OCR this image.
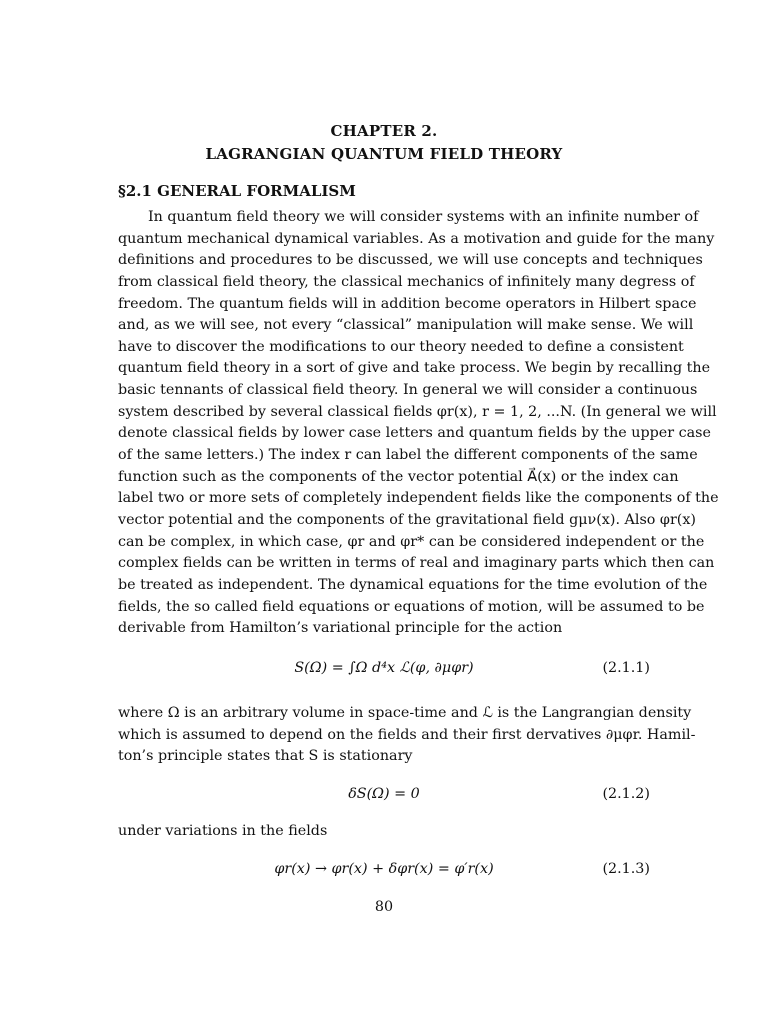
CHAPTER 2.
LAGRANGIAN QUANTUM FIELD THEORY
§2.1 GENERAL FORMALISM
In quantum field theory we will consider systems with an infinite number of
quantum mechanical dynamical variables. As a motivation and guide for the many
definitions and procedures to be discussed, we will use concepts and techniques
from classical field theory, the classical mechanics of infinitely many degress of
freedom. The quantum fields will in addition become operators in Hilbert space
and, as we will see, not every “classical” manipulation will make sense. We will
have to discover the modifications to our theory needed to define a consistent
quantum field theory in a sort of give and take process. We begin by recalling the
basic tennants of classical field theory. In general we will consider a continuous
system described by several classical fields φr(x), r = 1, 2, ...N. (In general we will
denote classical fields by lower case letters and quantum fields by the upper case
of the same letters.) The index r can label the different components of the same
function such as the components of the vector potential A⃗(x) or the index can
label two or more sets of completely independent fields like the components of the
vector potential and the components of the gravitational field gμν(x). Also φr(x)
can be complex, in which case, φr and φr* can be considered independent or the
complex fields can be written in terms of real and imaginary parts which then can
be treated as independent. The dynamical equations for the time evolution of the
fields, the so called field equations or equations of motion, will be assumed to be
derivable from Hamilton’s variational principle for the action
S(Ω) = ∫Ω d⁴x ℒ(φ, ∂μφr)	(2.1.1)
where Ω is an arbitrary volume in space-time and ℒ is the Langrangian density
which is assumed to depend on the fields and their first dervatives ∂μφr. Hamil-
ton’s principle states that S is stationary
δS(Ω) = 0	(2.1.2)
under variations in the fields
φr(x) → φr(x) + δφr(x) = φ′r(x)	(2.1.3)
80
